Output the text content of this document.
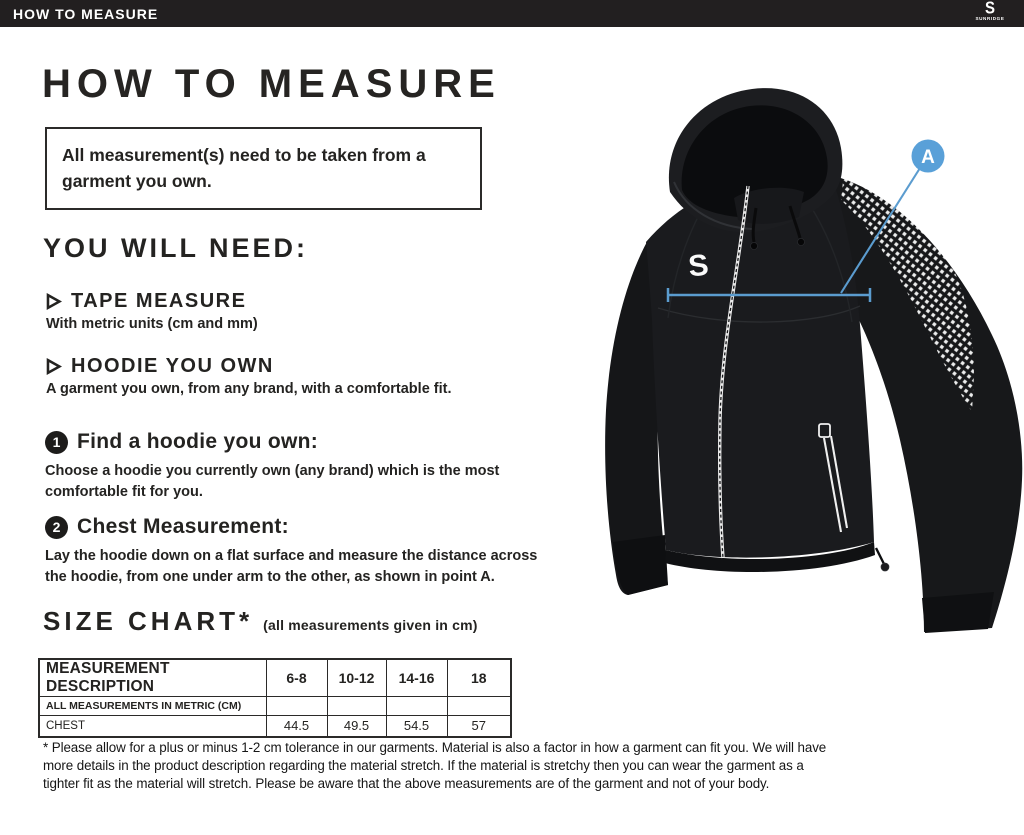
HOW TO MEASURE	S
SUNRIDGE
HOW TO MEASURE
All measurement(s) need to be taken from a garment you own.
YOU WILL NEED:
TAPE MEASURE
With metric units (cm and mm)
HOODIE YOU OWN
A garment you own, from any brand, with a comfortable fit.
1 Find a hoodie you own:
Choose a hoodie you currently own (any brand) which is the most comfortable fit for you.
2 Chest Measurement:
Lay the hoodie down on a flat surface and measure the distance across the hoodie, from one under arm to the other, as shown in point A.
SIZE CHART* (all measurements given in cm)
MEASUREMENT DESCRIPTION	6-8	10-12	14-16	18
ALL MEASUREMENTS IN METRIC (CM)				
CHEST	44.5	49.5	54.5	57

* Please allow for a plus or minus 1-2 cm tolerance in our garments. Material is also a factor in how a garment can fit you. We will have more details in the product description regarding the material stretch. If the material is stretchy then you can wear the garment as a tighter fit as the material will stretch. Please be aware that the above measurements are of the garment and not of your body.

S
A
